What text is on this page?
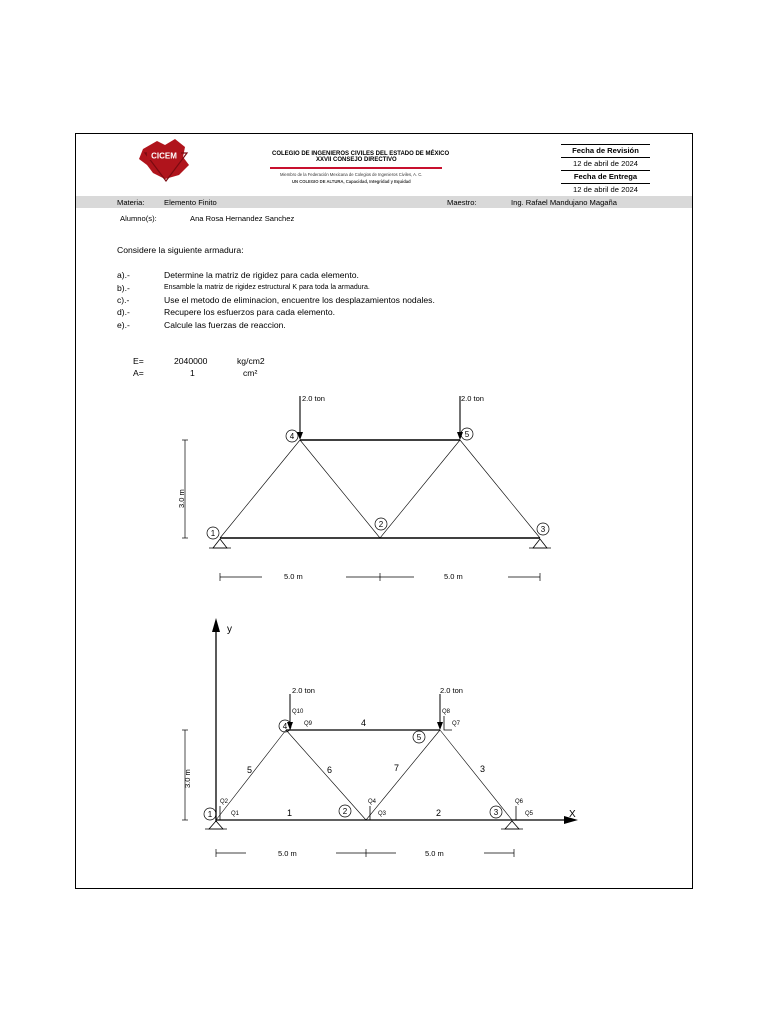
CICEM	COLEGIO DE INGENIEROS CIVILES DEL ESTADO DE MÉXICO
XXVII CONSEJO DIRECTIVO
Miembro de la Federación Mexicana de Colegios de Ingenieros Civiles, A. C.
UN COLEGIO DE ALTURA, Capacidad, Integridad y Equidad
Fecha de Revisión
12 de abril de 2024
Fecha de Entrega
12 de abril de 2024
Materia:	Elemento Finito	Maestro:	Ing. Rafael Mandujano Magaña
Alumno(s):	Ana Rosa Hernandez Sanchez
Considere la siguiente armadura:
a).-	Determine la matriz de rigidez para cada elemento.
b).-	Ensamble la matriz de rigidez estructural K para toda la armadura.
c).-	Use el metodo de eliminacion, encuentre los desplazamientos nodales.
d).-	Recupere los esfuerzos para cada elemento.
e).-	Calcule las fuerzas de reaccion.
E=	2040000	kg/cm2
A=	1	cm²
1
2
3
4	5
2.0 ton	2.0 ton
5.0 m	5.0 m
3.0 m
1	2	3
4
5
y
X
1	2
3
4
5	6	7
Q1
Q2
Q3
Q4
Q5
Q6
Q7
Q8
Q9
Q10
2.0 ton	2.0 ton
5.0 m	5.0 m
3.0 m
